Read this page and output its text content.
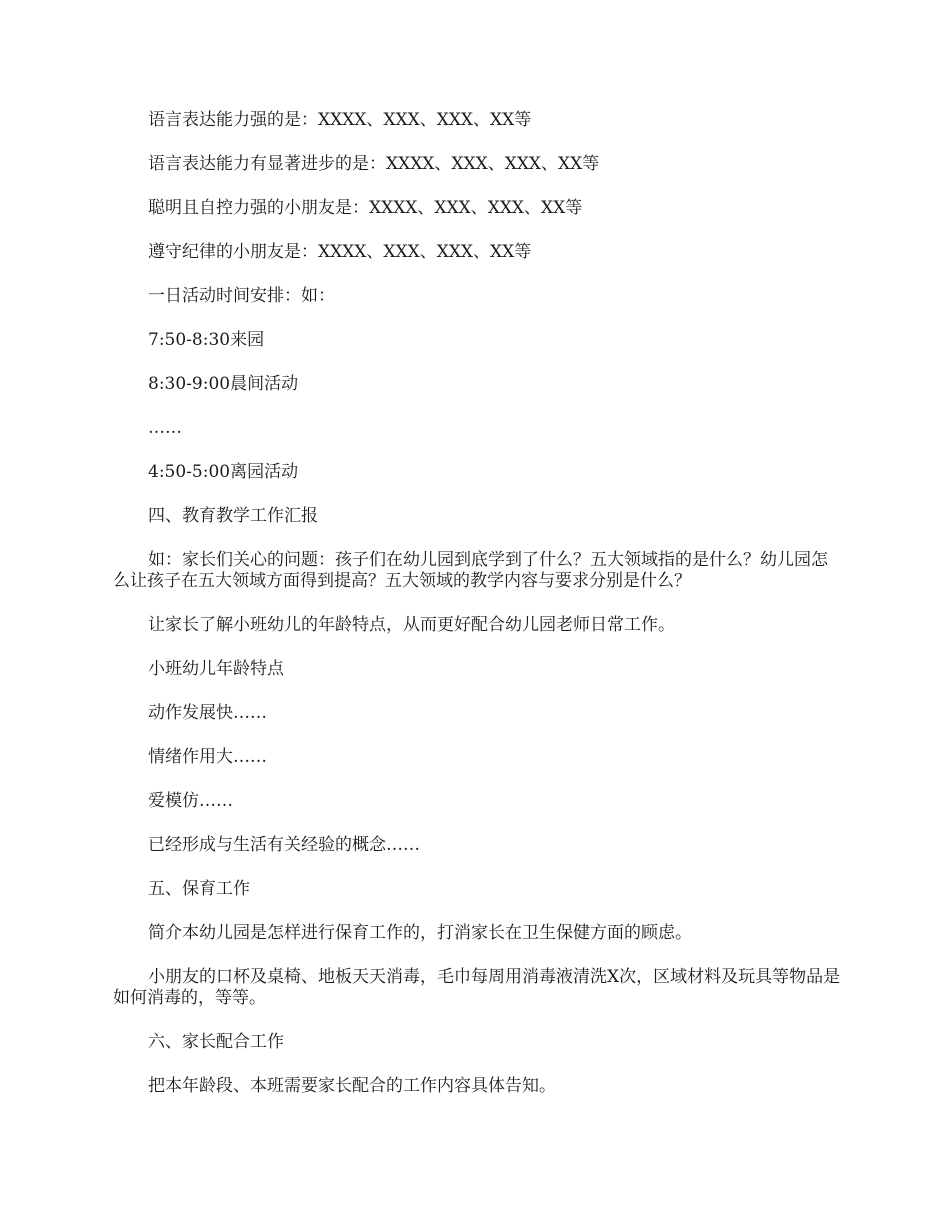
语言表达能力强的是：XXXX、XXX、XXX、XX等

语言表达能力有显著进步的是：XXXX、XXX、XXX、XX等

聪明且自控力强的小朋友是：XXXX、XXX、XXX、XX等

遵守纪律的小朋友是：XXXX、XXX、XXX、XX等

一日活动时间安排：如：

7:50-8:30来园

8:30-9:00晨间活动

……

4:50-5:00离园活动

四、教育教学工作汇报

如：家长们关心的问题：孩子们在幼儿园到底学到了什么？五大领域指的是什么？幼儿园怎么让孩子在五大领域方面得到提高？五大领域的教学内容与要求分别是什么？

让家长了解小班幼儿的年龄特点，从而更好配合幼儿园老师日常工作。

小班幼儿年龄特点

动作发展快……

情绪作用大……

爱模仿……

已经形成与生活有关经验的概念……

五、保育工作

简介本幼儿园是怎样进行保育工作的，打消家长在卫生保健方面的顾虑。

小朋友的口杯及桌椅、地板天天消毒，毛巾每周用消毒液清洗X次，区域材料及玩具等物品是如何消毒的，等等。

六、家长配合工作

把本年龄段、本班需要家长配合的工作内容具体告知。
